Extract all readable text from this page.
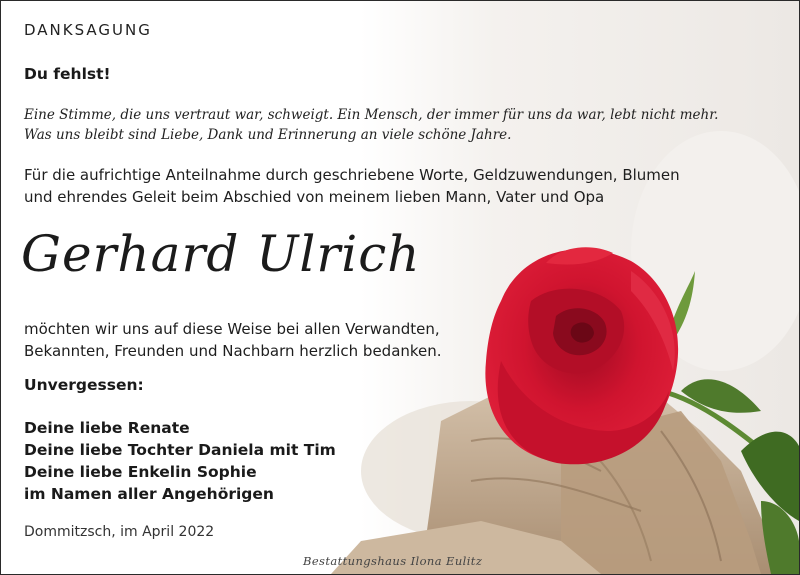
DANKSAGUNG
Du fehlst!
Eine Stimme, die uns vertraut war, schweigt. Ein Mensch, der immer für uns da war, lebt nicht mehr.
Was uns bleibt sind Liebe, Dank und Erinnerung an viele schöne Jahre.
Für die aufrichtige Anteilnahme durch geschriebene Worte, Geldzuwendungen, Blumen
und ehrendes Geleit beim Abschied von meinem lieben Mann, Vater und Opa
Gerhard Ulrich
möchten wir uns auf diese Weise bei allen Verwandten,
Bekannten, Freunden und Nachbarn herzlich bedanken.
Unvergessen:
Deine liebe Renate
Deine liebe Tochter Daniela mit Tim
Deine liebe Enkelin Sophie
im Namen aller Angehörigen
Dommitzsch, im April 2022
Bestattungshaus Ilona Eulitz
